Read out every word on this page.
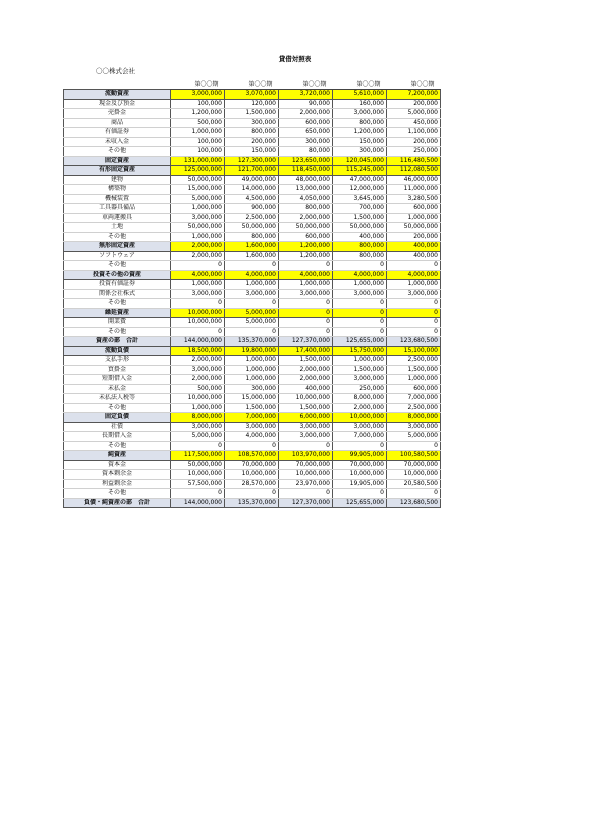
貸借対照表
〇〇株式会社
	第〇〇期	第〇〇期	第〇〇期	第〇〇期	第〇〇期
流動資産	3,000,000	3,070,000	3,720,000	5,610,000	7,200,000
現金及び預金	100,000	120,000	90,000	160,000	200,000
売掛金	1,200,000	1,500,000	2,000,000	3,000,000	5,000,000
商品	500,000	300,000	600,000	800,000	450,000
有価証券	1,000,000	800,000	650,000	1,200,000	1,100,000
未収入金	100,000	200,000	300,000	150,000	200,000
その他	100,000	150,000	80,000	300,000	250,000
固定資産	131,000,000	127,300,000	123,650,000	120,045,000	116,480,500
有形固定資産	125,000,000	121,700,000	118,450,000	115,245,000	112,080,500
建物	50,000,000	49,000,000	48,000,000	47,000,000	46,000,000
構築物	15,000,000	14,000,000	13,000,000	12,000,000	11,000,000
機械装置	5,000,000	4,500,000	4,050,000	3,645,000	3,280,500
工具器具備品	1,000,000	900,000	800,000	700,000	600,000
車両運搬具	3,000,000	2,500,000	2,000,000	1,500,000	1,000,000
土地	50,000,000	50,000,000	50,000,000	50,000,000	50,000,000
その他	1,000,000	800,000	600,000	400,000	200,000
無形固定資産	2,000,000	1,600,000	1,200,000	800,000	400,000
ソフトウェア	2,000,000	1,600,000	1,200,000	800,000	400,000
その他	0	0	0	0	0
投資その他の資産	4,000,000	4,000,000	4,000,000	4,000,000	4,000,000
投資有価証券	1,000,000	1,000,000	1,000,000	1,000,000	1,000,000
関係会社株式	3,000,000	3,000,000	3,000,000	3,000,000	3,000,000
その他	0	0	0	0	0
繰延資産	10,000,000	5,000,000	0	0	0
開業費	10,000,000	5,000,000	0	0	0
その他	0	0	0	0	0
資産の部　合計	144,000,000	135,370,000	127,370,000	125,655,000	123,680,500
流動負債	18,500,000	19,800,000	17,400,000	15,750,000	15,100,000
支払手形	2,000,000	1,000,000	1,500,000	1,000,000	2,500,000
買掛金	3,000,000	1,000,000	2,000,000	1,500,000	1,500,000
短期借入金	2,000,000	1,000,000	2,000,000	3,000,000	1,000,000
未払金	500,000	300,000	400,000	250,000	600,000
未払法人税等	10,000,000	15,000,000	10,000,000	8,000,000	7,000,000
その他	1,000,000	1,500,000	1,500,000	2,000,000	2,500,000
固定負債	8,000,000	7,000,000	6,000,000	10,000,000	8,000,000
社債	3,000,000	3,000,000	3,000,000	3,000,000	3,000,000
長期借入金	5,000,000	4,000,000	3,000,000	7,000,000	5,000,000
その他	0	0	0	0	0
純資産	117,500,000	108,570,000	103,970,000	99,905,000	100,580,500
資本金	50,000,000	70,000,000	70,000,000	70,000,000	70,000,000
資本剰余金	10,000,000	10,000,000	10,000,000	10,000,000	10,000,000
利益剰余金	57,500,000	28,570,000	23,970,000	19,905,000	20,580,500
その他	0	0	0	0	0
負債・純資産の部　合計	144,000,000	135,370,000	127,370,000	125,655,000	123,680,500
